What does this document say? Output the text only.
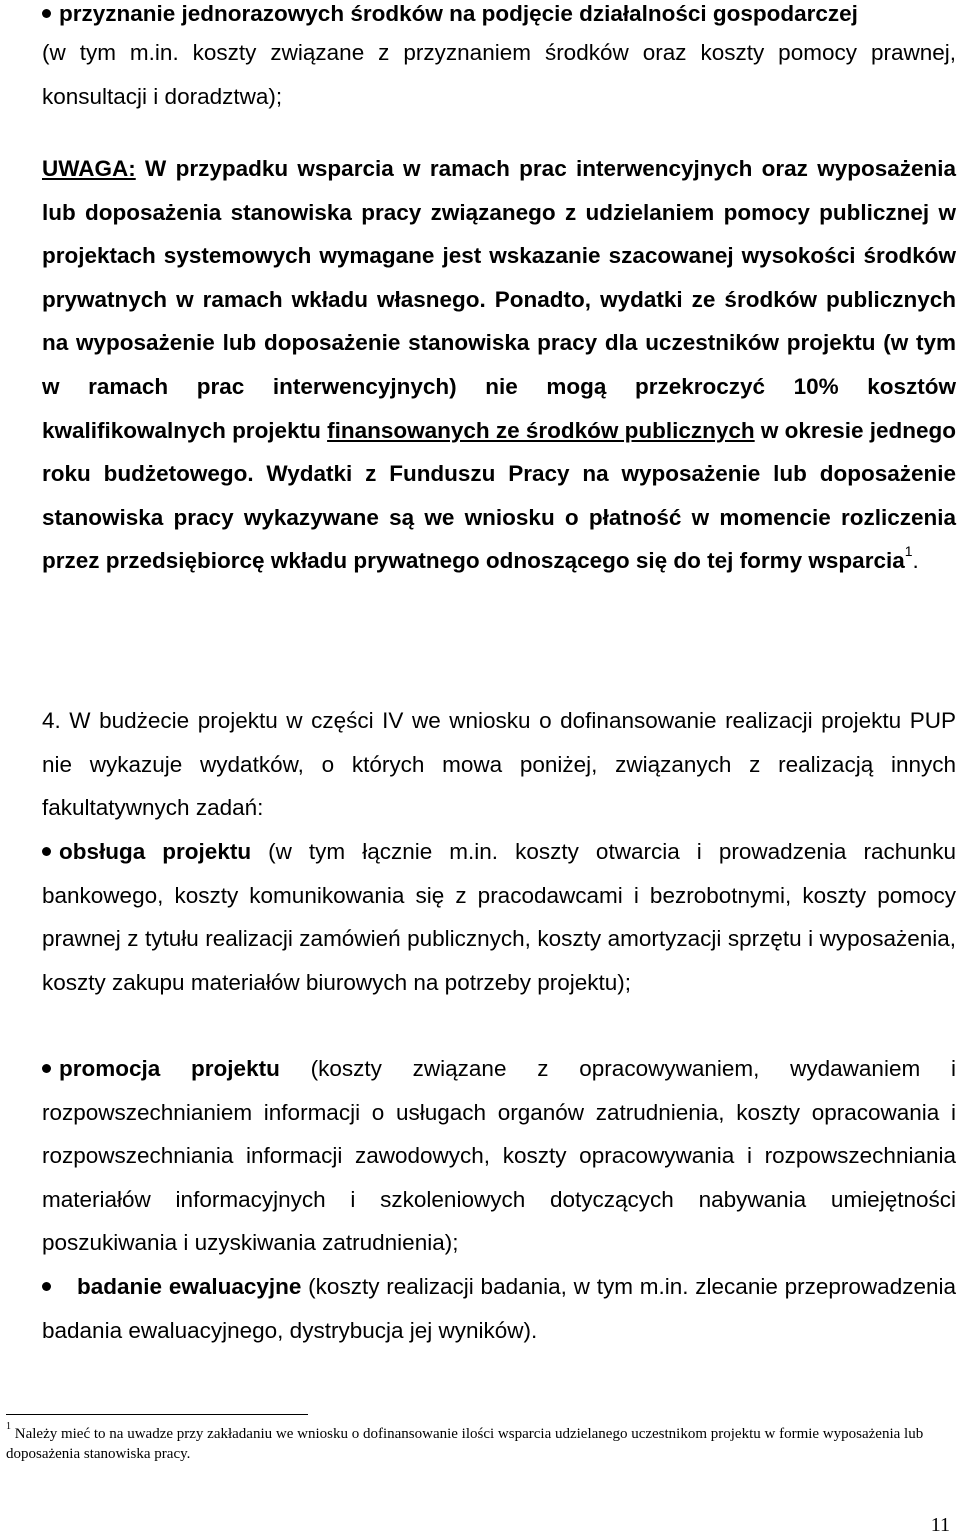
przyznanie jednorazowych środków na podjęcie działalności gospodarczej

(w tym m.in. koszty związane z przyznaniem środków oraz koszty pomocy prawnej, konsultacji i doradztwa);

UWAGA: W przypadku wsparcia w ramach prac interwencyjnych oraz wyposażenia lub doposażenia stanowiska pracy związanego z udzielaniem pomocy publicznej w projektach systemowych wymagane jest wskazanie szacowanej wysokości środków prywatnych w ramach wkładu własnego. Ponadto, wydatki ze środków publicznych na wyposażenie lub doposażenie stanowiska pracy dla uczestników projektu (w tym w ramach prac interwencyjnych) nie mogą przekroczyć 10% kosztów kwalifikowalnych projektu finansowanych ze środków publicznych w okresie jednego roku budżetowego. Wydatki z Funduszu Pracy na wyposażenie lub doposażenie stanowiska pracy wykazywane są we wniosku o płatność w momencie rozliczenia przez przedsiębiorcę wkładu prywatnego odnoszącego się do tej formy wsparcia$^1$.

4. W budżecie projektu w części IV we wniosku o dofinansowanie realizacji projektu PUP nie wykazuje wydatków, o których mowa poniżej, związanych z realizacją innych fakultatywnych zadań:

obsługa projektu (w tym łącznie m.in. koszty otwarcia i prowadzenia rachunku bankowego, koszty komunikowania się z pracodawcami i bezrobotnymi, koszty pomocy prawnej z tytułu realizacji zamówień publicznych, koszty amortyzacji sprzętu i wyposażenia, koszty zakupu materiałów biurowych na potrzeby projektu);

promocja projektu (koszty związane z opracowywaniem, wydawaniem i rozpowszechnianiem informacji o usługach organów zatrudnienia, koszty opracowania i rozpowszechniania informacji zawodowych, koszty opracowywania i rozpowszechniania materiałów informacyjnych i szkoleniowych dotyczących nabywania umiejętności poszukiwania i uzyskiwania zatrudnienia);

badanie ewaluacyjne (koszty realizacji badania, w tym m.in. zlecanie przeprowadzenia badania ewaluacyjnego, dystrybucja jej wyników).

$^1$ Należy mieć to na uwadze przy zakładaniu we wniosku o dofinansowanie ilości wsparcia udzielanego uczestnikom projektu w formie wyposażenia lub doposażenia stanowiska pracy.

11
